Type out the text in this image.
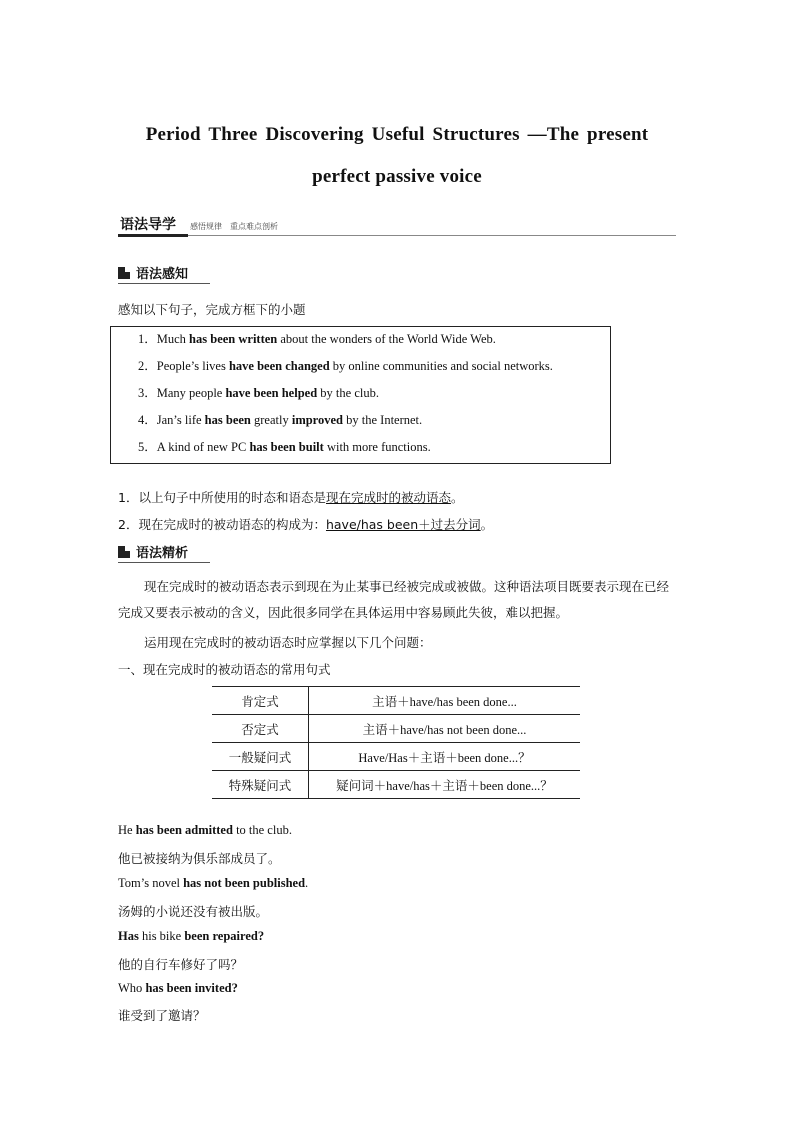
Period Three Discovering Useful Structures —The present
perfect passive voice
语法导学 感悟规律　重点难点剖析
语法感知
感知以下句子，完成方框下的小题
1．Much has been written about the wonders of the World Wide Web.
2．People’s lives have been changed by online communities and social networks.
3．Many people have been helped by the club.
4．Jan’s life has been greatly improved by the Internet.
5．A kind of new PC has been built with more functions.
1．以上句子中所使用的时态和语态是现在完成时的被动语态。
2．现在完成时的被动语态的构成为：have/has been＋过去分词。
语法精析
现在完成时的被动语态表示到现在为止某事已经被完成或被做。这种语法项目既要表示现在已经完成又要表示被动的含义，因此很多同学在具体运用中容易顾此失彼，难以把握。
运用现在完成时的被动语态时应掌握以下几个问题：
一、现在完成时的被动语态的常用句式
肯定式	主语＋have/has been done...
否定式	主语＋have/has not been done...
一般疑问式	Have/Has＋主语＋been done...？
特殊疑问式	疑问词＋have/has＋主语＋been done...？
He has been admitted to the club.
他已被接纳为俱乐部成员了。
Tom’s novel has not been published.
汤姆的小说还没有被出版。
Has his bike been repaired?
他的自行车修好了吗？
Who has been invited?
谁受到了邀请？
